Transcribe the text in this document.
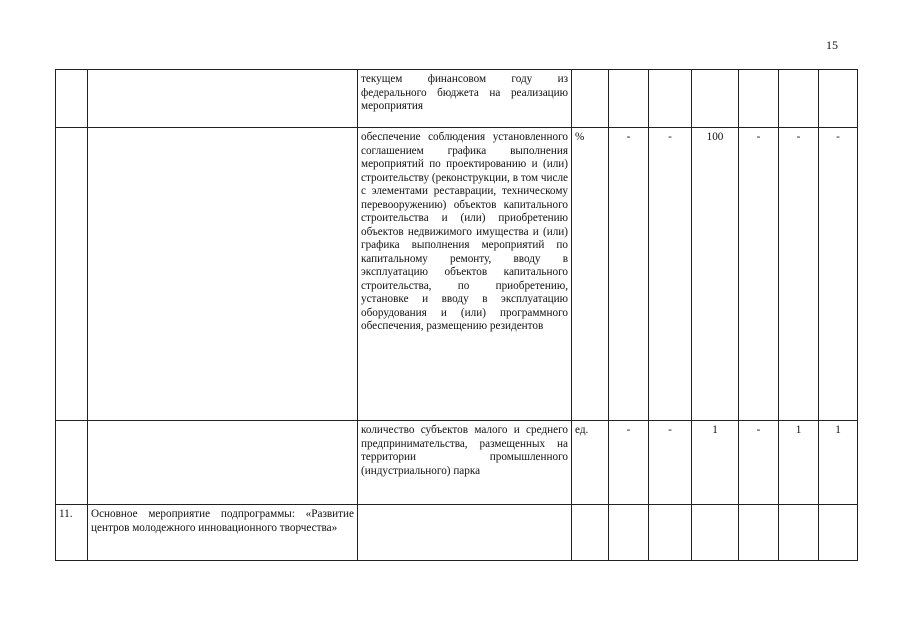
15
		текущем финансовом году из федерального бюджета на реализацию мероприятия							
		обеспечение соблюдения установленного соглашением графика выполнения мероприятий по проектированию и (или) строительству (реконструкции, в том числе с элементами реставрации, техническому перевооружению) объектов капитального строительства и (или) приобретению объектов недвижимого имущества и (или) графика выполнения мероприятий по капитальному ремонту, вводу в эксплуатацию объектов капитального строительства, по приобретению, установке и вводу в эксплуатацию оборудования и (или) программного обеспечения, размещению резидентов	%	-	-	100	-	-	-
		количество субъектов малого и среднего предпринимательства, размещенных на территории промышленного (индустриального) парка	ед.	-	-	1	-	1	1
11.	Основное мероприятие подпрограммы: «Развитие центров молодежного инновационного творчества»								
